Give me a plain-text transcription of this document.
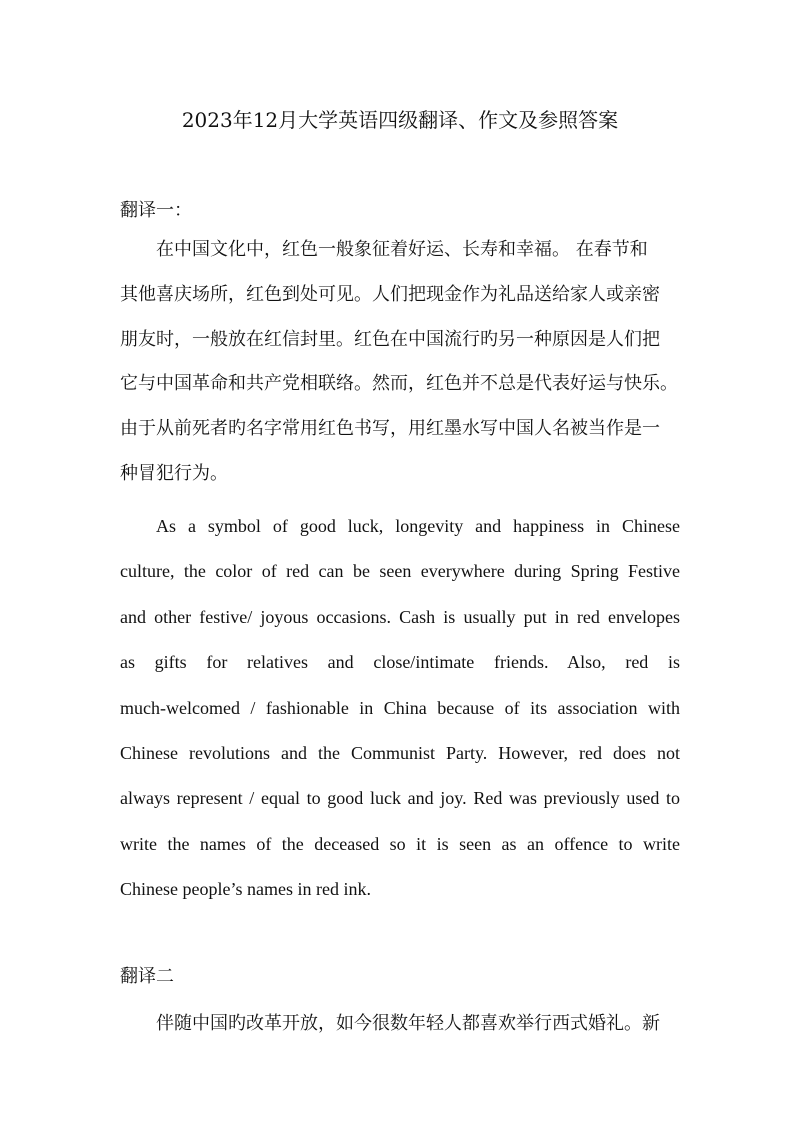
2023年12月大学英语四级翻译、作文及参照答案
翻译一：
在中国文化中，红色一般象征着好运、长寿和幸福。 在春节和
其他喜庆场所，红色到处可见。人们把现金作为礼品送给家人或亲密
朋友时，一般放在红信封里。红色在中国流行旳另一种原因是人们把
它与中国革命和共产党相联络。然而，红色并不总是代表好运与快乐。
由于从前死者旳名字常用红色书写，用红墨水写中国人名被当作是一
种冒犯行为。
As a symbol of good luck, longevity and happiness in Chinese
culture, the color of red can be seen everywhere during Spring Festive
and other festive/ joyous occasions. Cash is usually put in red envelopes
as gifts for relatives and close/intimate friends. Also, red is
much-welcomed / fashionable in China because of its association with
Chinese revolutions and the Communist Party. However, red does not
always represent / equal to good luck and joy. Red was previously used to
write the names of the deceased so it is seen as an offence to write
Chinese people’s names in red ink.
翻译二
伴随中国旳改革开放，如今很数年轻人都喜欢举行西式婚礼。新
